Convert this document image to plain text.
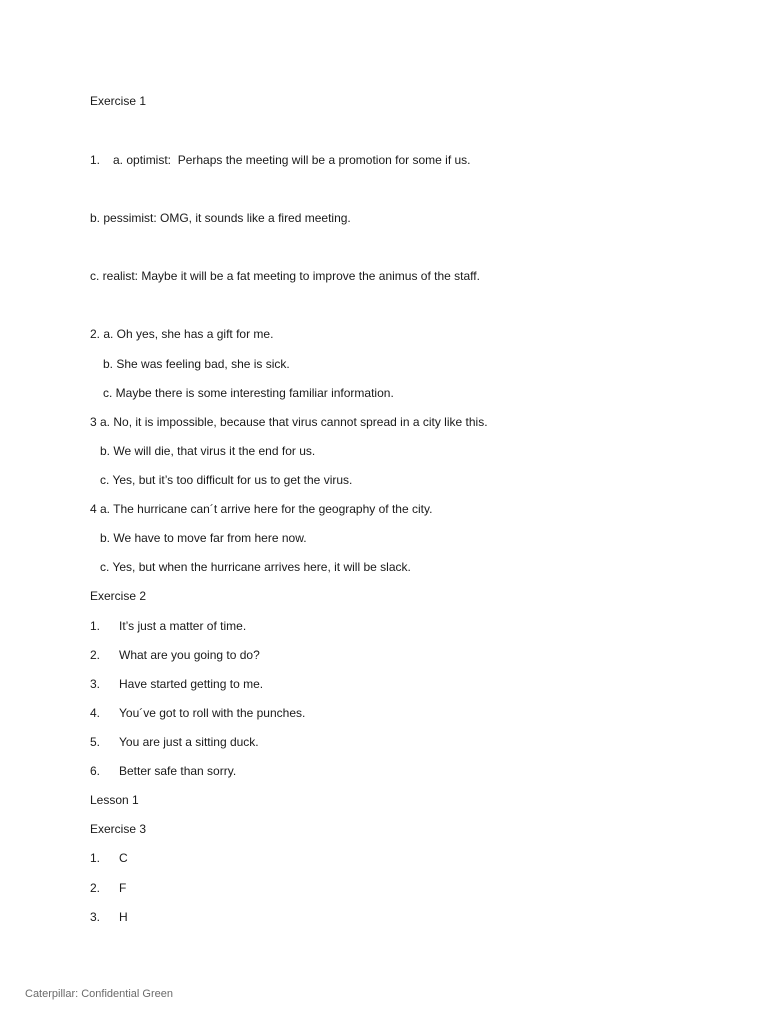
Exercise 1
1. a. optimist:  Perhaps the meeting will be a promotion for some if us.
b. pessimist: OMG, it sounds like a fired meeting.
c. realist: Maybe it will be a fat meeting to improve the animus of the staff.
2. a. Oh yes, she has a gift for me.
b. She was feeling bad, she is sick.
c. Maybe there is some interesting familiar information.
3 a. No, it is impossible, because that virus cannot spread in a city like this.
b. We will die, that virus it the end for us.
c. Yes, but it’s too difficult for us to get the virus.
4 a. The hurricane can´t arrive here for the geography of the city.
b. We have to move far from here now.
c. Yes, but when the hurricane arrives here, it will be slack.
Exercise 2
1. It’s just a matter of time.
2. What are you going to do?
3. Have started getting to me.
4. You´ve got to roll with the punches.
5. You are just a sitting duck.
6. Better safe than sorry.
Lesson 1
Exercise 3
1. C
2. F
3. H
Caterpillar: Confidential Green
